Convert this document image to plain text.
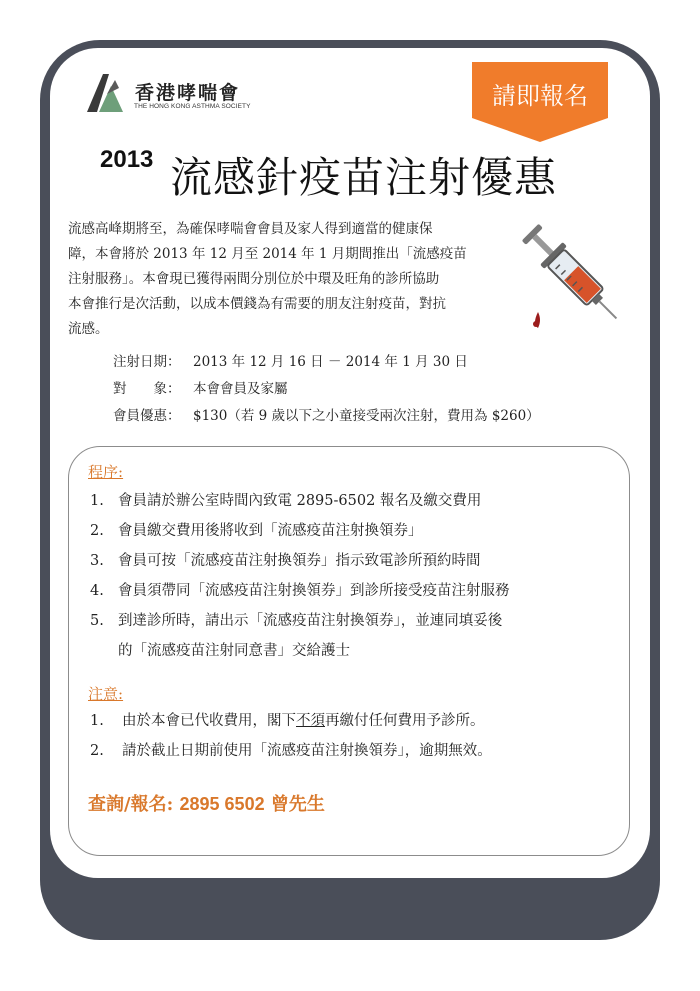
香港哮喘會
THE HONG KONG ASTHMA SOCIETY	請即報名
2013 流感針疫苗注射優惠
流感高峰期將至，為確保哮喘會會員及家人得到適當的健康保
障，本會將於 2013 年 12 月至 2014 年 1 月期間推出「流感疫苗
注射服務」。本會現已獲得兩間分別位於中環及旺角的診所協助
本會推行是次活動，以成本價錢為有需要的朋友注射疫苗，對抗
流感。
注射日期： 2013 年 12 月 16 日 － 2014 年 1 月 30 日
對　　象： 本會會員及家屬
會員優惠： $130（若 9 歲以下之小童接受兩次注射，費用為 $260）
程序:
1. 會員請於辦公室時間內致電 2895-6502 報名及繳交費用
2. 會員繳交費用後將收到「流感疫苗注射換領券」
3. 會員可按「流感疫苗注射換領券」指示致電診所預約時間
4. 會員須帶同「流感疫苗注射換領券」到診所接受疫苗注射服務
5. 到達診所時，請出示「流感疫苗注射換領券」，並連同填妥後
的「流感疫苗注射同意書」交給護士
注意:
1. 由於本會已代收費用，閣下不須再繳付任何費用予診所。
2. 請於截止日期前使用「流感疫苗注射換領券」，逾期無效。
查詢/報名: 2895 6502 曾先生
